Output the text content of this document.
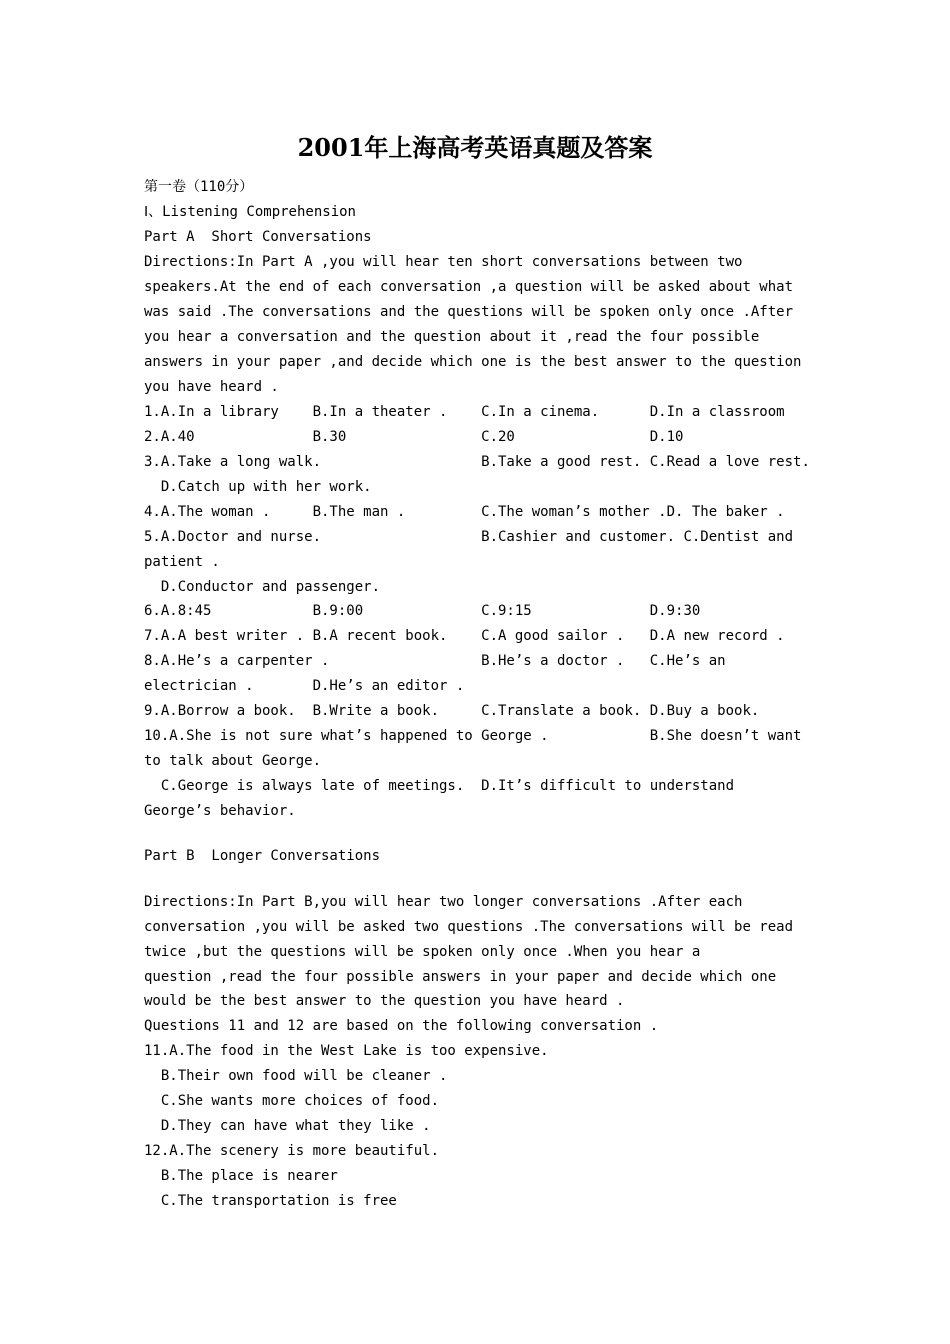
2001年上海高考英语真题及答案
第一卷（110分）
Ⅰ、Listening Comprehension
Part A  Short Conversations
Directions:In Part A ,you will hear ten short conversations between two
speakers.At the end of each conversation ,a question will be asked about what
was said .The conversations and the questions will be spoken only once .After
you hear a conversation and the question about it ,read the four possible
answers in your paper ,and decide which one is the best answer to the question
you have heard .
1.A.In a library    B.In a theater .    C.In a cinema.      D.In a classroom
2.A.40              B.30                C.20                D.10
3.A.Take a long walk.                   B.Take a good rest. C.Read a love rest.
D.Catch up with her work.
4.A.The woman .     B.The man .         C.The woman’s mother .D. The baker .
5.A.Doctor and nurse.                   B.Cashier and customer. C.Dentist and
patient .
D.Conductor and passenger.
6.A.8:45            B.9:00              C.9:15              D.9:30
7.A.A best writer . B.A recent book.    C.A good sailor .   D.A new record .
8.A.He’s a carpenter .                  B.He’s a doctor .   C.He’s an
electrician .       D.He’s an editor .
9.A.Borrow a book.  B.Write a book.     C.Translate a book. D.Buy a book.
10.A.She is not sure what’s happened to George .            B.She doesn’t want
to talk about George.
C.George is always late of meetings.  D.It’s difficult to understand
George’s behavior.
Part B  Longer Conversations
Directions:In Part B,you will hear two longer conversations .After each
conversation ,you will be asked two questions .The conversations will be read
twice ,but the questions will be spoken only once .When you hear a
question ,read the four possible answers in your paper and decide which one
would be the best answer to the question you have heard .
Questions 11 and 12 are based on the following conversation .
11.A.The food in the West Lake is too expensive.
B.Their own food will be cleaner .
C.She wants more choices of food.
D.They can have what they like .
12.A.The scenery is more beautiful.
B.The place is nearer
C.The transportation is free
